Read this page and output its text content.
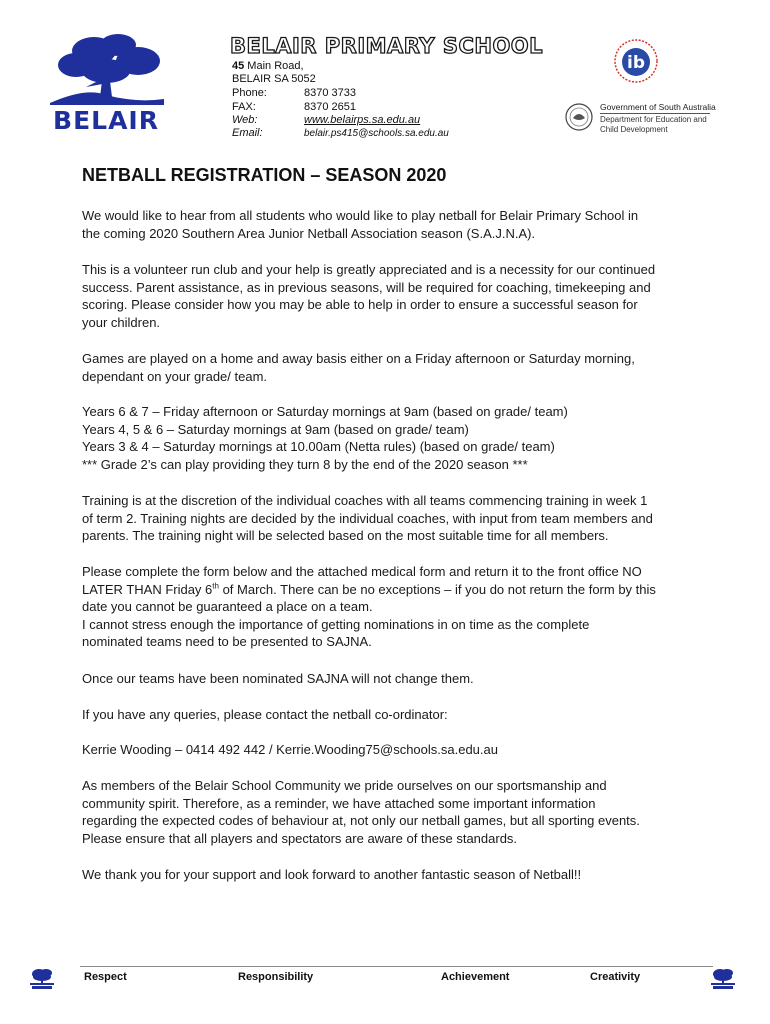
BELAIR
BELAIR PRIMARY SCHOOL
45 Main Road,
BELAIR SA 5052
Phone:	8370 3733
FAX:	8370 2651
Web:	www.belairps.sa.edu.au
Email:	belair.ps415@schools.sa.edu.au
ib
Government of South Australia
Department for Education and
Child Development
NETBALL REGISTRATION – SEASON 2020
We would like to hear from all students who would like to play netball for Belair Primary School in
the coming 2020 Southern Area Junior Netball Association season (S.A.J.N.A).
This is a volunteer run club and your help is greatly appreciated and is a necessity for our continued
success. Parent assistance, as in previous seasons, will be required for coaching, timekeeping and
scoring. Please consider how you may be able to help in order to ensure a successful season for
your children.
Games are played on a home and away basis either on a Friday afternoon or Saturday morning,
dependant on your grade/ team.
Years 6 & 7 – Friday afternoon or Saturday mornings at 9am (based on grade/ team)
Years 4, 5 & 6 – Saturday mornings at 9am (based on grade/ team)
Years 3 & 4 – Saturday mornings at 10.00am (Netta rules) (based on grade/ team)
*** Grade 2’s can play providing they turn 8 by the end of the 2020 season ***
Training is at the discretion of the individual coaches with all teams commencing training in week 1
of term 2. Training nights are decided by the individual coaches, with input from team members and
parents. The training night will be selected based on the most suitable time for all members.
Please complete the form below and the attached medical form and return it to the front office NO
LATER THAN Friday 6th of March. There can be no exceptions – if you do not return the form by this
date you cannot be guaranteed a place on a team.
I cannot stress enough the importance of getting nominations in on time as the complete
nominated teams need to be presented to SAJNA.
Once our teams have been nominated SAJNA will not change them.
If you have any queries, please contact the netball co-ordinator:
Kerrie Wooding – 0414 492 442 / Kerrie.Wooding75@schools.sa.edu.au
As members of the Belair School Community we pride ourselves on our sportsmanship and
community spirit. Therefore, as a reminder, we have attached some important information
regarding the expected codes of behaviour at, not only our netball games, but all sporting events.
Please ensure that all players and spectators are aware of these standards.
We thank you for your support and look forward to another fantastic season of Netball!!
Respect	Responsibility	Achievement	Creativity
